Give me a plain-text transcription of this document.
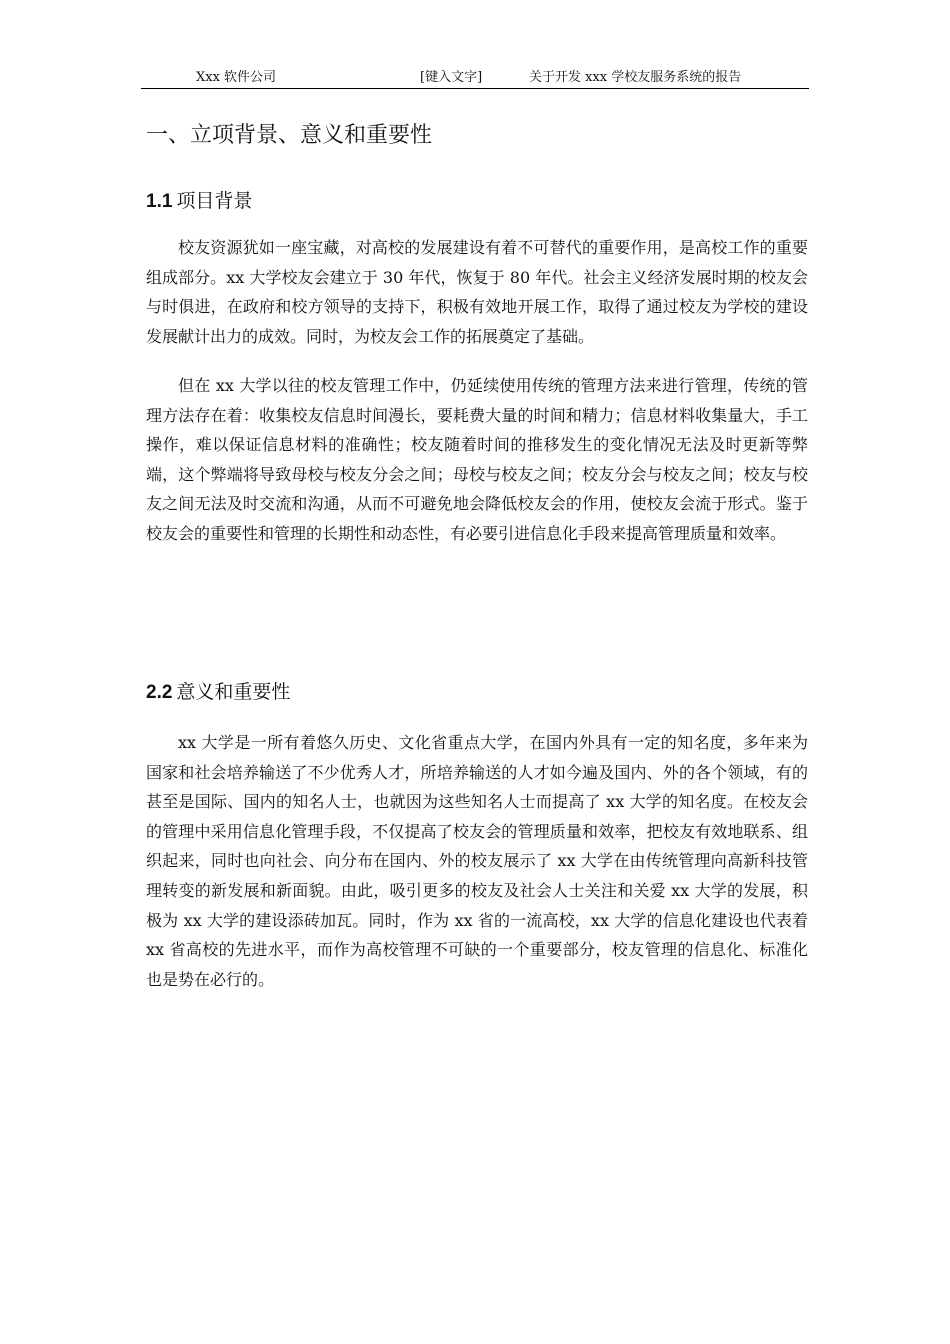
Xxx 软件公司	[键入文字]	关于开发 xxx 学校友服务系统的报告
一、立项背景、意义和重要性
1.1 项目背景

校友资源犹如一座宝藏，对高校的发展建设有着不可替代的重要作用，是高校工作的重要组成部分。xx 大学校友会建立于 30 年代，恢复于 80 年代。社会主义经济发展时期的校友会与时俱进，在政府和校方领导的支持下，积极有效地开展工作，取得了通过校友为学校的建设发展献计出力的成效。同时，为校友会工作的拓展奠定了基础。

但在 xx 大学以往的校友管理工作中，仍延续使用传统的管理方法来进行管理，传统的管理方法存在着：收集校友信息时间漫长，要耗费大量的时间和精力；信息材料收集量大，手工操作，难以保证信息材料的准确性；校友随着时间的推移发生的变化情况无法及时更新等弊端，这个弊端将导致母校与校友分会之间；母校与校友之间；校友分会与校友之间；校友与校友之间无法及时交流和沟通，从而不可避免地会降低校友会的作用，使校友会流于形式。鉴于校友会的重要性和管理的长期性和动态性，有必要引进信息化手段来提高管理质量和效率。

2.2 意义和重要性

xx 大学是一所有着悠久历史、文化省重点大学，在国内外具有一定的知名度，多年来为国家和社会培养输送了不少优秀人才，所培养输送的人才如今遍及国内、外的各个领域，有的甚至是国际、国内的知名人士，也就因为这些知名人士而提高了 xx 大学的知名度。在校友会的管理中采用信息化管理手段，不仅提高了校友会的管理质量和效率，把校友有效地联系、组织起来，同时也向社会、向分布在国内、外的校友展示了 xx 大学在由传统管理向高新科技管理转变的新发展和新面貌。由此，吸引更多的校友及社会人士关注和关爱 xx 大学的发展，积极为 xx 大学的建设添砖加瓦。同时，作为 xx 省的一流高校，xx 大学的信息化建设也代表着 xx 省高校的先进水平，而作为高校管理不可缺的一个重要部分，校友管理的信息化、标准化也是势在必行的。
